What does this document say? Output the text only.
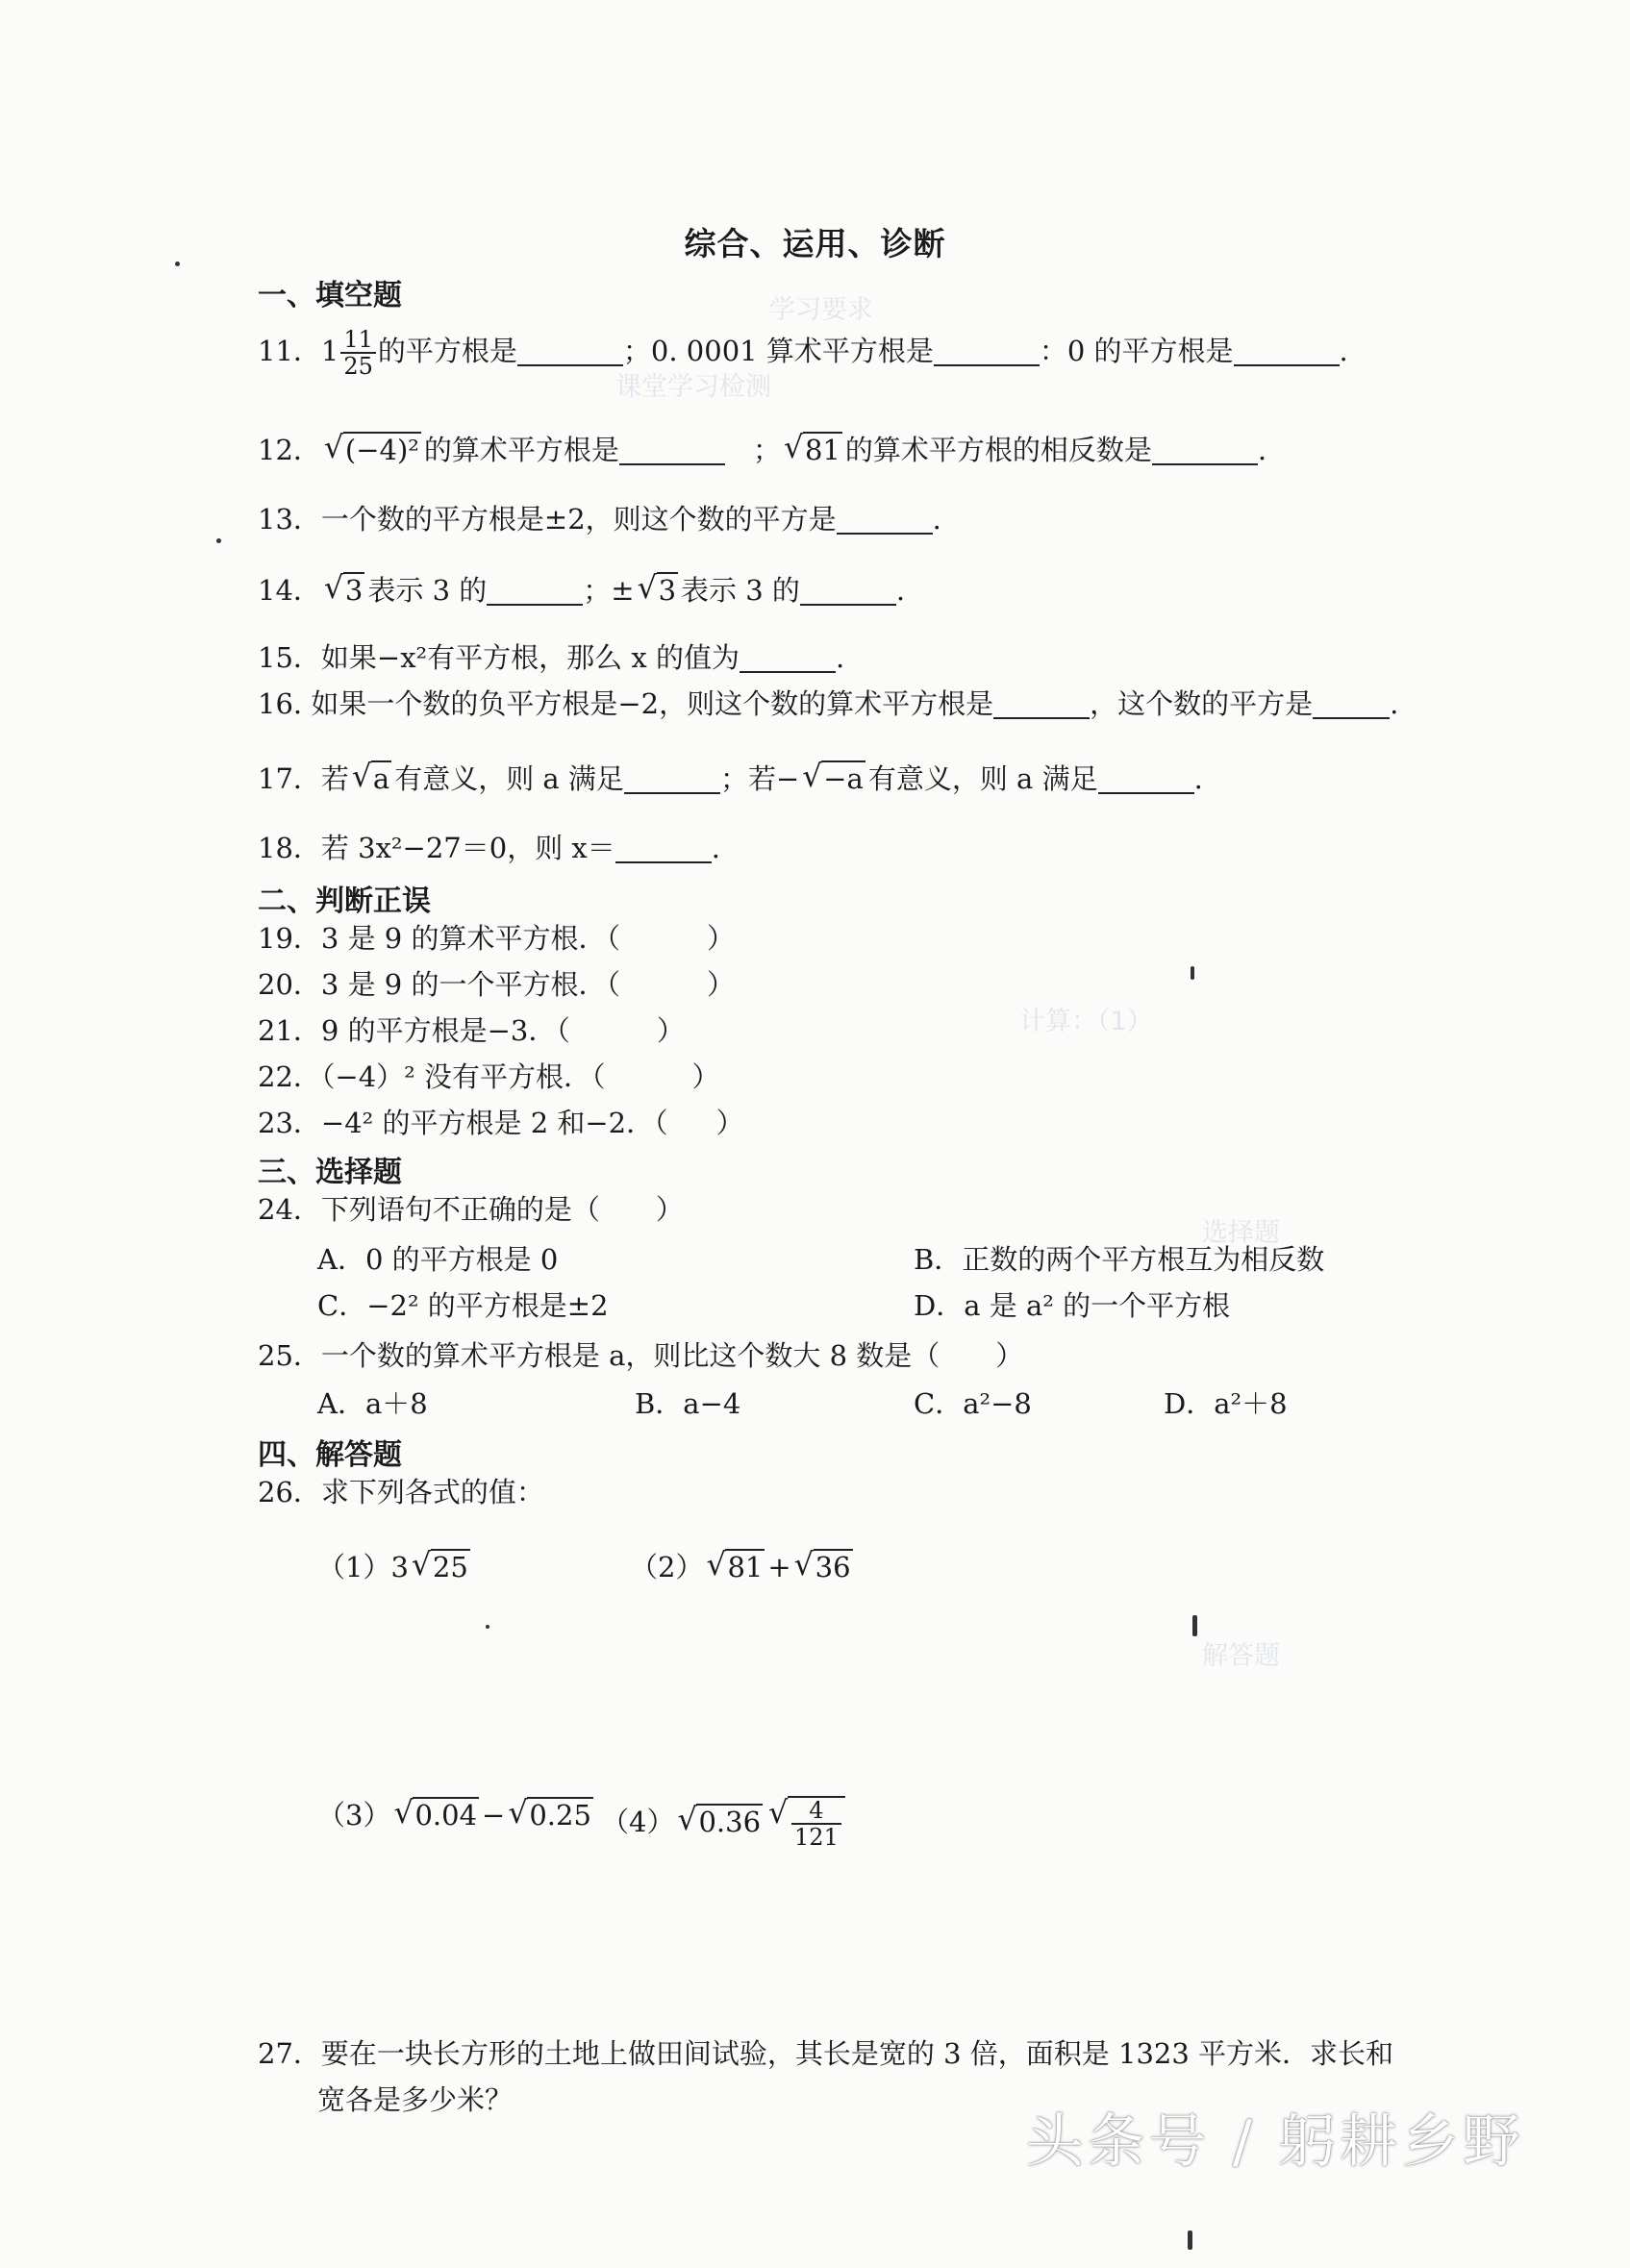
学习要求
课堂学习检测
计算：（1）
选择题
解答题
综合、运用、诊断
一、填空题
11．$1 \frac{11}{25}$ 的平方根是	；0. 0001 算术平方根是	：0 的平方根是	.
12． √ (−4)² 的算术平方根是	　； √ 81 的算术平方根的相反数是	.
13．一个数的平方根是±2，则这个数的平方是	.
14． √ 3 表示 3 的	；± √ 3 表示 3 的	.
15．如果−x²有平方根，那么 x 的值为	.
16. 如果一个数的负平方根是−2，则这个数的算术平方根是	，这个数的平方是	.
17．若 √ a 有意义，则 a 满足	；若− √ −a 有意义，则 a 满足	.
18．若 3x²−27＝0，则 x＝	.
二、判断正误
19．3 是 9 的算术平方根．（	）
20．3 是 9 的一个平方根．（	）
21．9 的平方根是−3．（	）
22．（−4）² 没有平方根．（	）
23．−4² 的平方根是 2 和−2．（ ）
三、选择题
24．下列语句不正确的是（　　）
A．0 的平方根是 0	B．正数的两个平方根互为相反数
C．−2² 的平方根是±2	D．a 是 a² 的一个平方根
25．一个数的算术平方根是 a，则比这个数大 8 数是（　　）
A．a＋8	B．a−4	C．a²−8	D．a²＋8
四、解答题
26．求下列各式的值：
（1）3 √ 25	（2） √ 81 + √ 36
（3） √ 0.04 − √ 0.25 （4） √ 0.36 √ $\frac{4}{121}$
27．要在一块长方形的土地上做田间试验，其长是宽的 3 倍，面积是 1323 平方米．求长和
宽各是多少米？
头条号 / 躬耕乡野
